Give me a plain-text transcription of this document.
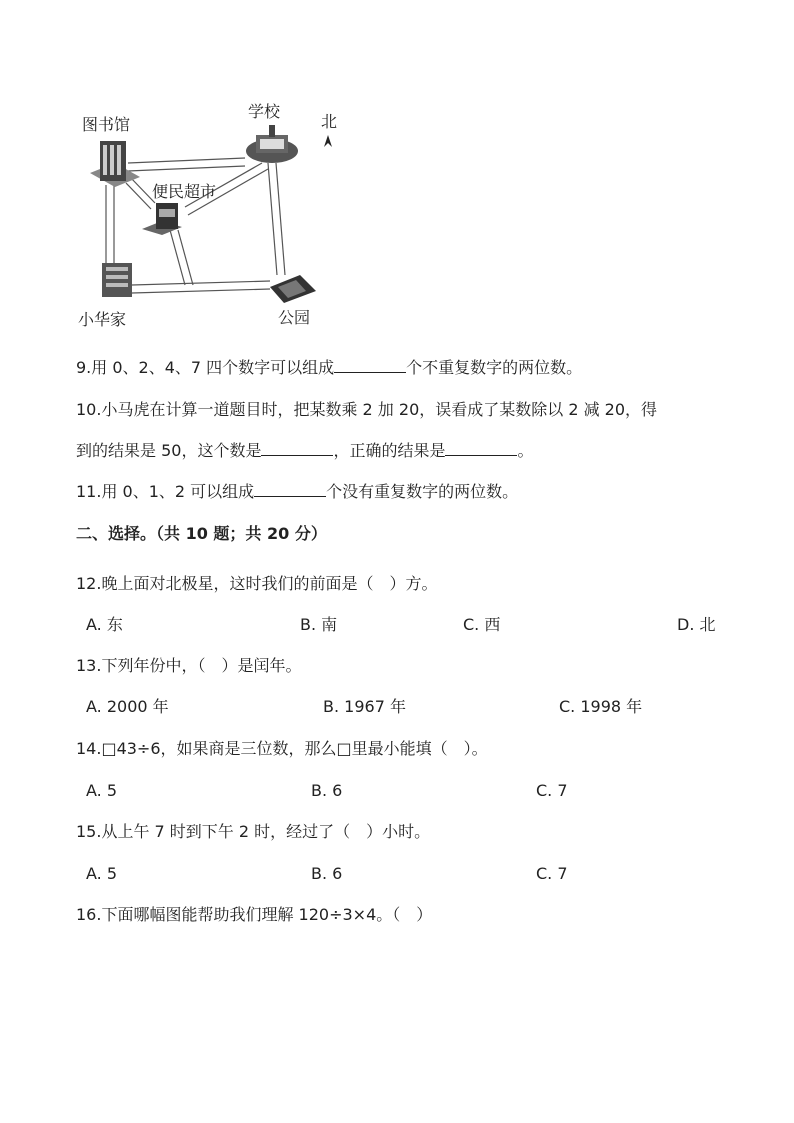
图书馆
学校
北
便民超市
小华家	公园
9.用 0、2、4、7 四个数字可以组成	个不重复数字的两位数。
10.小马虎在计算一道题目时，把某数乘 2 加 20，误看成了某数除以 2 减 20，得
到的结果是 50，这个数是	，正确的结果是	。
11.用 0、1、2 可以组成	个没有重复数字的两位数。
二、选择。（共 10 题；共 20 分）
12.晚上面对北极星，这时我们的前面是（　）方。
A. 东	B. 南	C. 西	D. 北
13.下列年份中，（　）是闰年。
A. 2000 年	B. 1967 年	C. 1998 年
14.□43÷6，如果商是三位数，那么□里最小能填（　）。
A. 5	B. 6	C. 7
15.从上午 7 时到下午 2 时，经过了（　）小时。
A. 5	B. 6	C. 7
16.下面哪幅图能帮助我们理解 120÷3×4。（　）
